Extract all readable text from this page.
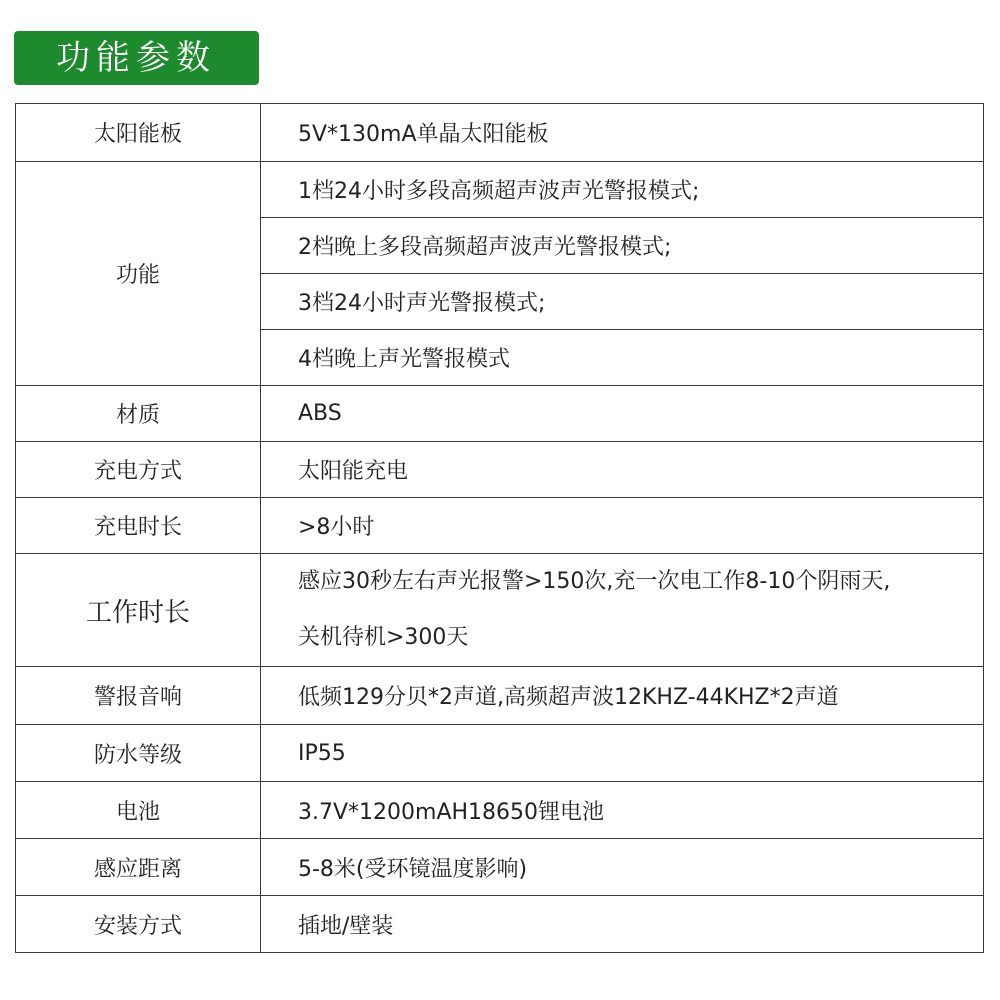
功能参数
太阳能板	5V*130mA单晶太阳能板
功能	1档24小时多段高频超声波声光警报模式;
	2档晚上多段高频超声波声光警报模式;
	3档24小时声光警报模式;
	4档晚上声光警报模式
材质	ABS
充电方式	太阳能充电
充电时长	>8小时
工作时长	感应30秒左右声光报警>150次,充一次电工作8-10个阴雨天,
关机待机>300天

警报音响	低频129分贝*2声道,高频超声波12KHZ-44KHZ*2声道
防水等级	IP55
电池	3.7V*1200mAH18650锂电池
感应距离	5-8米(受环镜温度影响)
安装方式	插地/壁装
